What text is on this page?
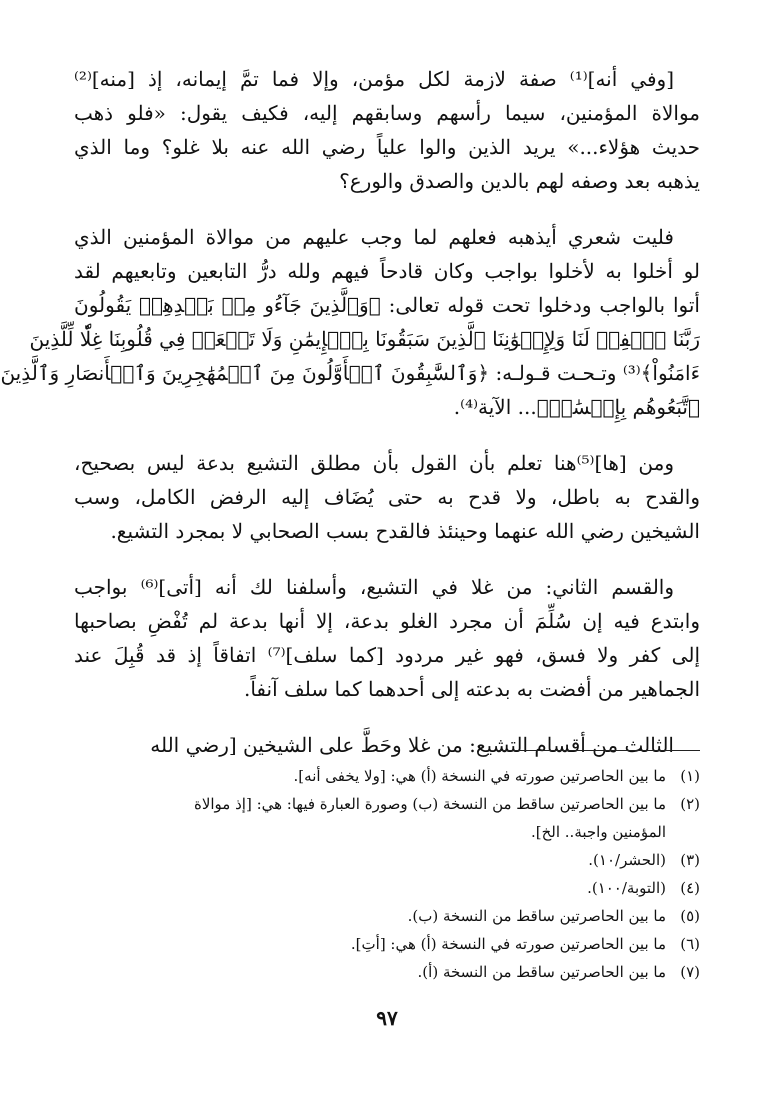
[وفي أنه]⁽¹⁾ صفة لازمة لكل مؤمن، وإلا فما تمَّ إيمانه، إذ [منه]⁽²⁾
موالاة المؤمنين، سيما رأسهم وسابقهم إليه، فكيف يقول: «فلو ذهب
حديث هؤلاء...» يريد الذين والوا علياً رضي الله عنه بلا غلو؟ وما الذي
يذهبه بعد وصفه لهم بالدين والصدق والورع؟
فليت شعري أيذهبه فعلهم لما وجب عليهم من موالاة المؤمنين الذي
لو أخلوا به لأخلوا بواجب وكان قادحاً فيهم ولله درُّ التابعين وتابعيهم لقد
أتوا بالواجب ودخلوا تحت قوله تعالى: ﴿وَٱلَّذِينَ جَآءُو مِنۢ بَعۡدِهِمۡ يَقُولُونَ
رَبَّنَا ٱغۡفِرۡ لَنَا وَلِإِخۡوَٰنِنَا ٱلَّذِينَ سَبَقُونَا بِٱلۡإِيمَٰنِ وَلَا تَجۡعَلۡ فِي قُلُوبِنَا غِلّٗا لِّلَّذِينَ
ءَامَنُواْ﴾⁽³⁾ وتـحـت قـولـه: ﴿وَٱلسَّٰبِقُونَ ٱلۡأَوَّلُونَ مِنَ ٱلۡمُهَٰجِرِينَ وَٱلۡأَنصَارِ وَٱلَّذِينَ
ٱتَّبَعُوهُم بِإِحۡسَٰنٖ﴾... الآية⁽⁴⁾.
ومن [ها]⁽⁵⁾هنا تعلم بأن القول بأن مطلق التشيع بدعة ليس بصحيح،
والقدح به باطل، ولا قدح به حتى يُضَاف إليه الرفض الكامل، وسب
الشيخين رضي الله عنهما وحينئذ فالقدح بسب الصحابي لا بمجرد التشيع.
والقسم الثاني: من غلا في التشيع، وأسلفنا لك أنه [أتى]⁽⁶⁾ بواجب
وابتدع فيه إن سُلِّمَ أن مجرد الغلو بدعة، إلا أنها بدعة لم تُفْضِ بصاحبها
إلى كفر ولا فسق، فهو غير مردود [كما سلف]⁽⁷⁾ اتفاقاً إذ قد قُبِلَ عند
الجماهير من أفضت به بدعته إلى أحدهما كما سلف آنفاً.
الثالث من أقسام التشيع: من غلا وحَطَّ على الشيخين [رضي الله
(١)
ما بين الحاصرتين صورته في النسخة (أ) هي: [ولا يخفى أنه].
(٢)
ما بين الحاصرتين ساقط من النسخة (ب) وصورة العبارة فيها: هي: [إذ موالاة
المؤمنين واجبة.. الخ].
(٣)
(الحشر/١٠).
(٤)
(التوبة/١٠٠).
(٥)
ما بين الحاصرتين ساقط من النسخة (ب).
(٦)
ما بين الحاصرتين صورته في النسخة (أ) هي: [أتِ].
(٧)
ما بين الحاصرتين ساقط من النسخة (أ).
٩٧
